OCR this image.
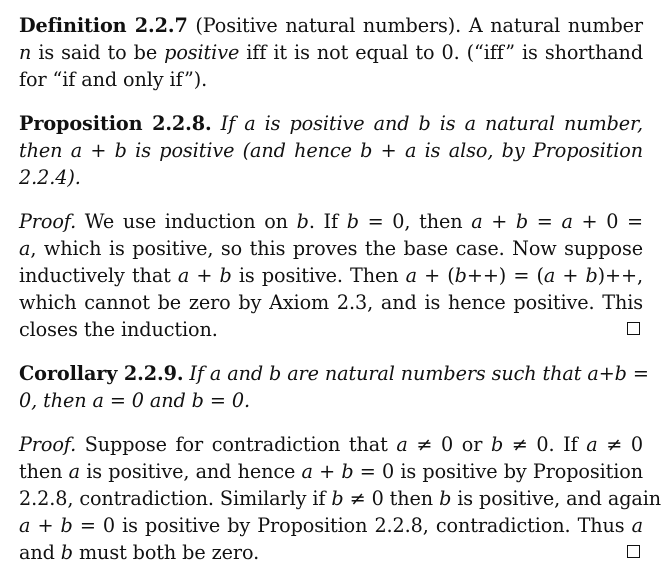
Definition 2.2.7 (Positive natural numbers). A natural number
n is said to be positive iff it is not equal to 0. (“iff” is shorthand
for “if and only if”).
Proposition 2.2.8. If a is positive and b is a natural number,
then a + b is positive (and hence b + a is also, by Proposition
2.2.4).
Proof. We use induction on b. If b = 0, then a + b = a + 0 =
a, which is positive, so this proves the base case. Now suppose
inductively that a + b is positive. Then a + (b++) = (a + b)++,
which cannot be zero by Axiom 2.3, and is hence positive. This
closes the induction.
Corollary 2.2.9. If a and b are natural numbers such that a+b =
0, then a = 0 and b = 0.
Proof. Suppose for contradiction that a ≠ 0 or b ≠ 0. If a ≠ 0
then a is positive, and hence a + b = 0 is positive by Proposition
2.2.8, contradiction. Similarly if b ≠ 0 then b is positive, and again
a + b = 0 is positive by Proposition 2.2.8, contradiction. Thus a
and b must both be zero.
